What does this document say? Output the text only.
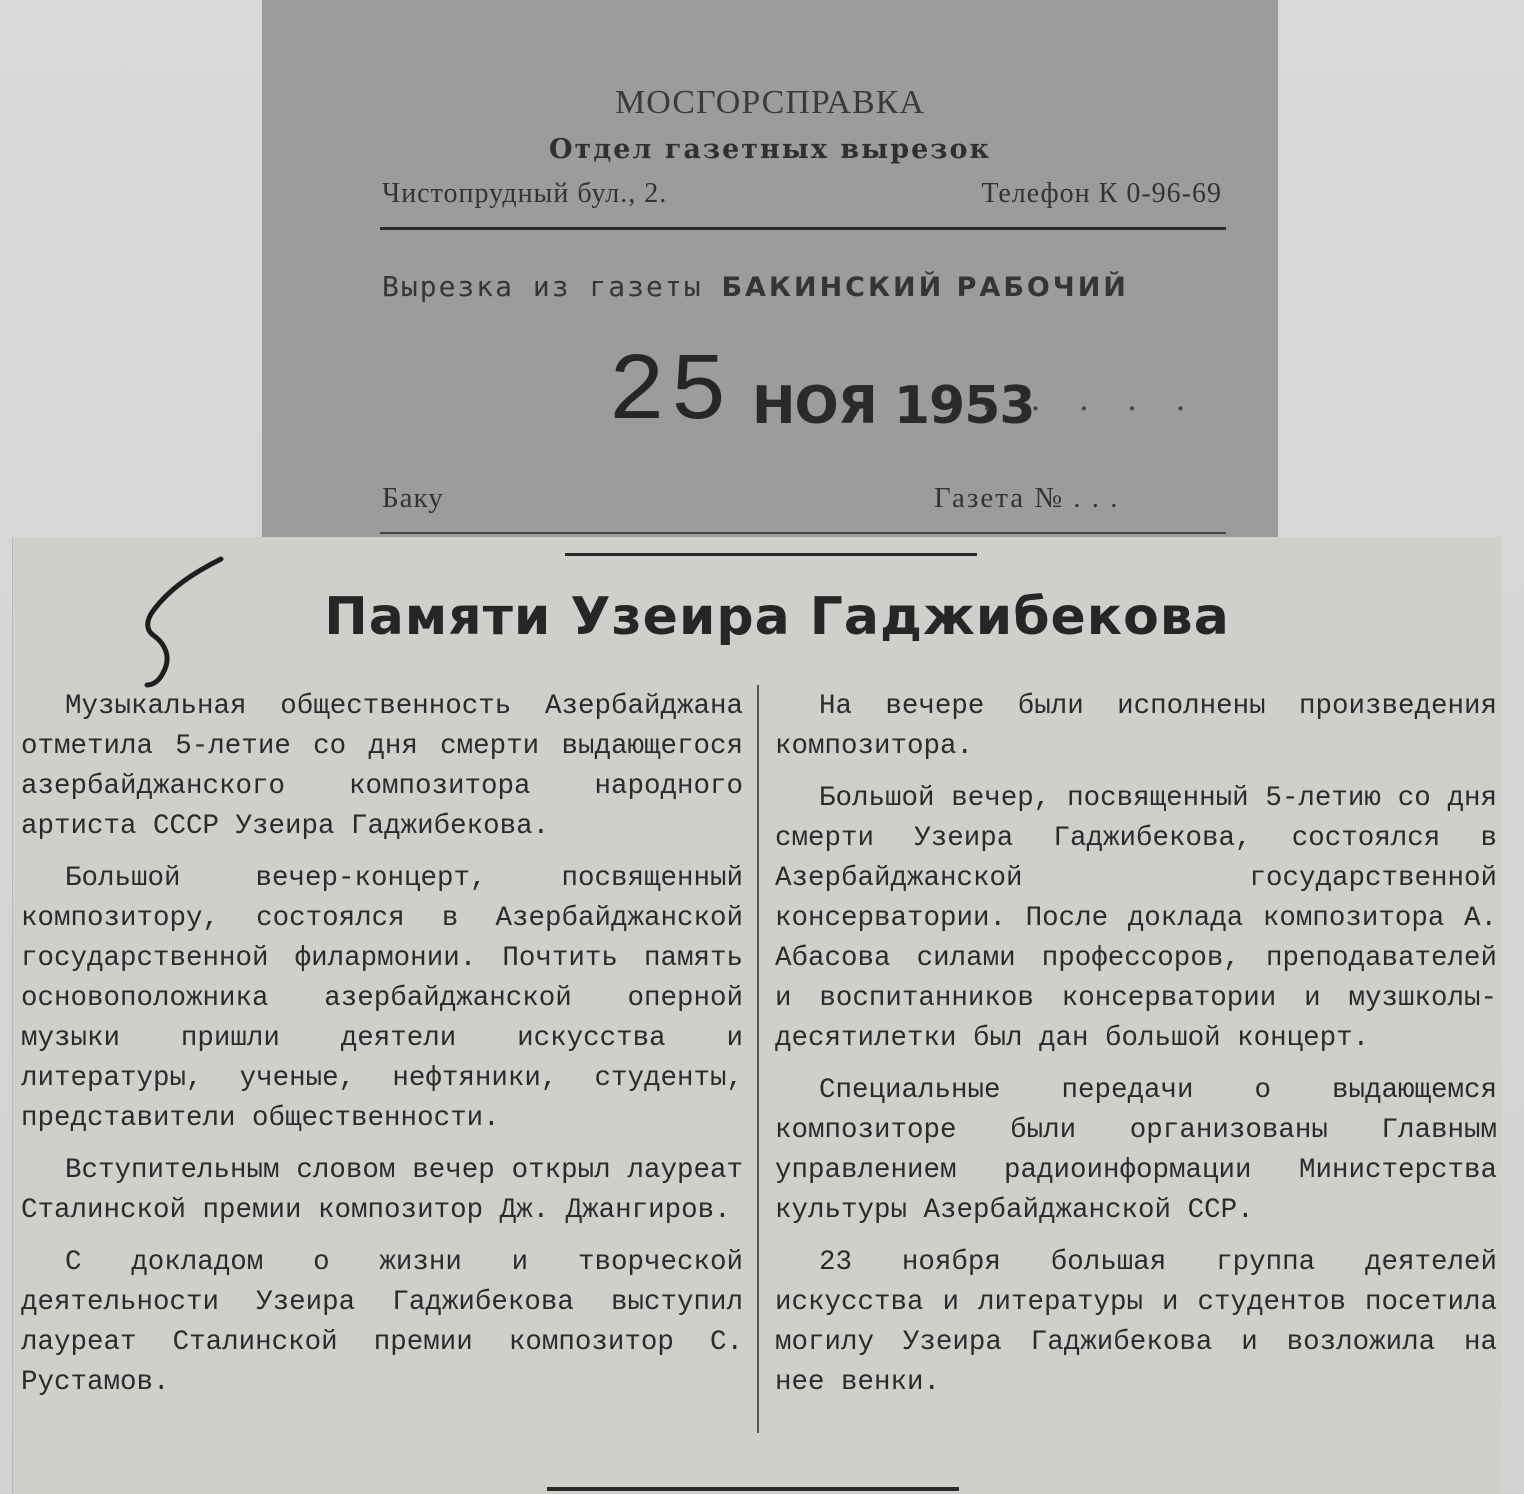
МОСГОРСПРАВКА
Отдел газетных вырезок
Чистопрудный бул., 2.	Телефон К 0-96-69
Вырезка из газеты БАКИНСКИЙ РАБОЧИЙ
25 НОЯ 1953
. . . . .
Баку	Газета № . . .
Памяти Узеира Гаджибекова

Музыкальная общественность Азербайджана отметила 5-летие со дня смерти выдающегося азербайджанского композитора народного артиста СССР Узеира Гаджибекова.

Большой вечер-концерт, посвященный композитору, состоялся в Азербайджанской государственной филармонии. Почтить память основоположника азербайджанской оперной музыки пришли деятели искусства и литературы, ученые, нефтяники, студенты, представители общественности.

Вступительным словом вечер открыл лауреат Сталинской премии композитор Дж. Джангиров.

С докладом о жизни и творческой деятельности Узеира Гаджибекова выступил лауреат Сталинской премии композитор С. Рустамов.

На вечере были исполнены произведения композитора.

Большой вечер, посвященный 5-летию со дня смерти Узеира Гаджибекова, состоялся в Азербайджанской государственной консерватории. После доклада композитора А. Абасова силами профессоров, преподавателей и воспитанников консерватории и музшколы-десятилетки был дан большой концерт.

Специальные передачи о выдающемся композиторе были организованы Главным управлением радиоинформации Министерства культуры Азербайджанской ССР.

23 ноября большая группа деятелей искусства и литературы и студентов посетила могилу Узеира Гаджибекова и возложила на нее венки.
